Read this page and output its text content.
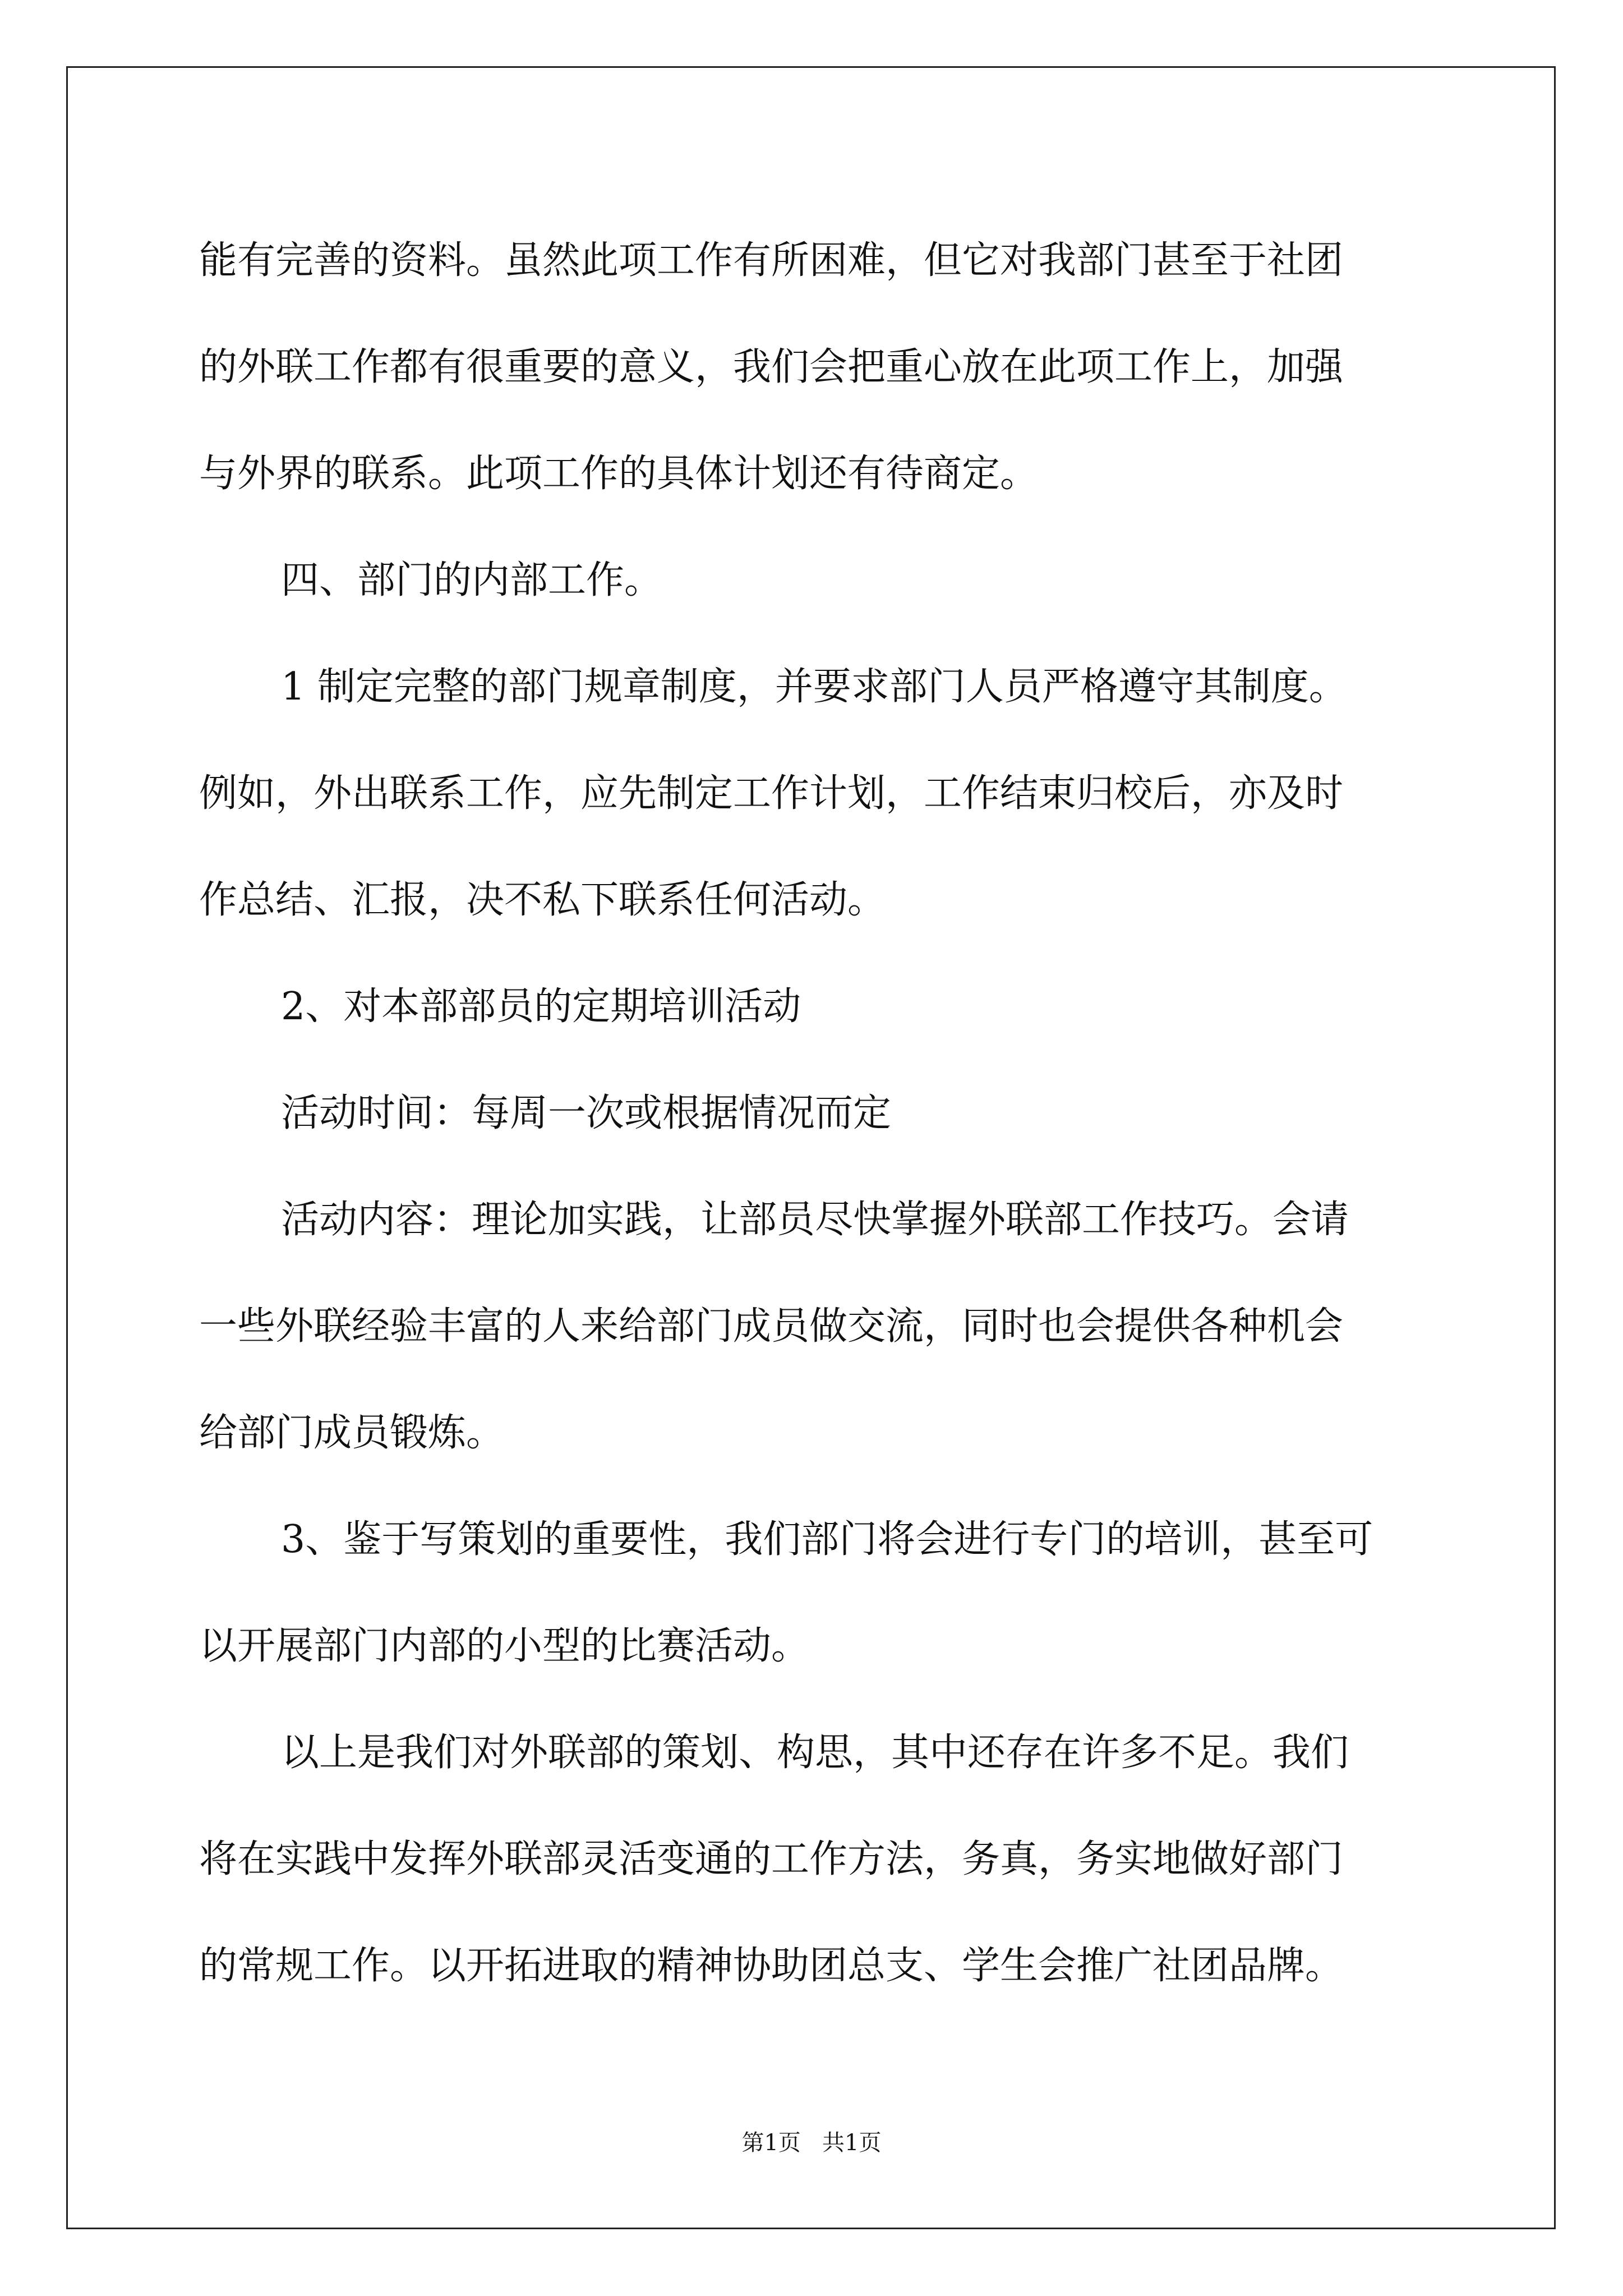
能有完善的资料。虽然此项工作有所困难，但它对我部门甚至于社团
的外联工作都有很重要的意义，我们会把重心放在此项工作上，加强
与外界的联系。此项工作的具体计划还有待商定。
四、部门的内部工作。
1 制定完整的部门规章制度，并要求部门人员严格遵守其制度。
例如，外出联系工作，应先制定工作计划，工作结束归校后，亦及时
作总结、汇报，决不私下联系任何活动。
2、对本部部员的定期培训活动
活动时间：每周一次或根据情况而定
活动内容：理论加实践，让部员尽快掌握外联部工作技巧。会请
一些外联经验丰富的人来给部门成员做交流，同时也会提供各种机会
给部门成员锻炼。
3、鉴于写策划的重要性，我们部门将会进行专门的培训，甚至可
以开展部门内部的小型的比赛活动。
以上是我们对外联部的策划、构思，其中还存在许多不足。我们
将在实践中发挥外联部灵活变通的工作方法，务真，务实地做好部门
的常规工作。以开拓进取的精神协助团总支、学生会推广社团品牌。
第1页   共1页
